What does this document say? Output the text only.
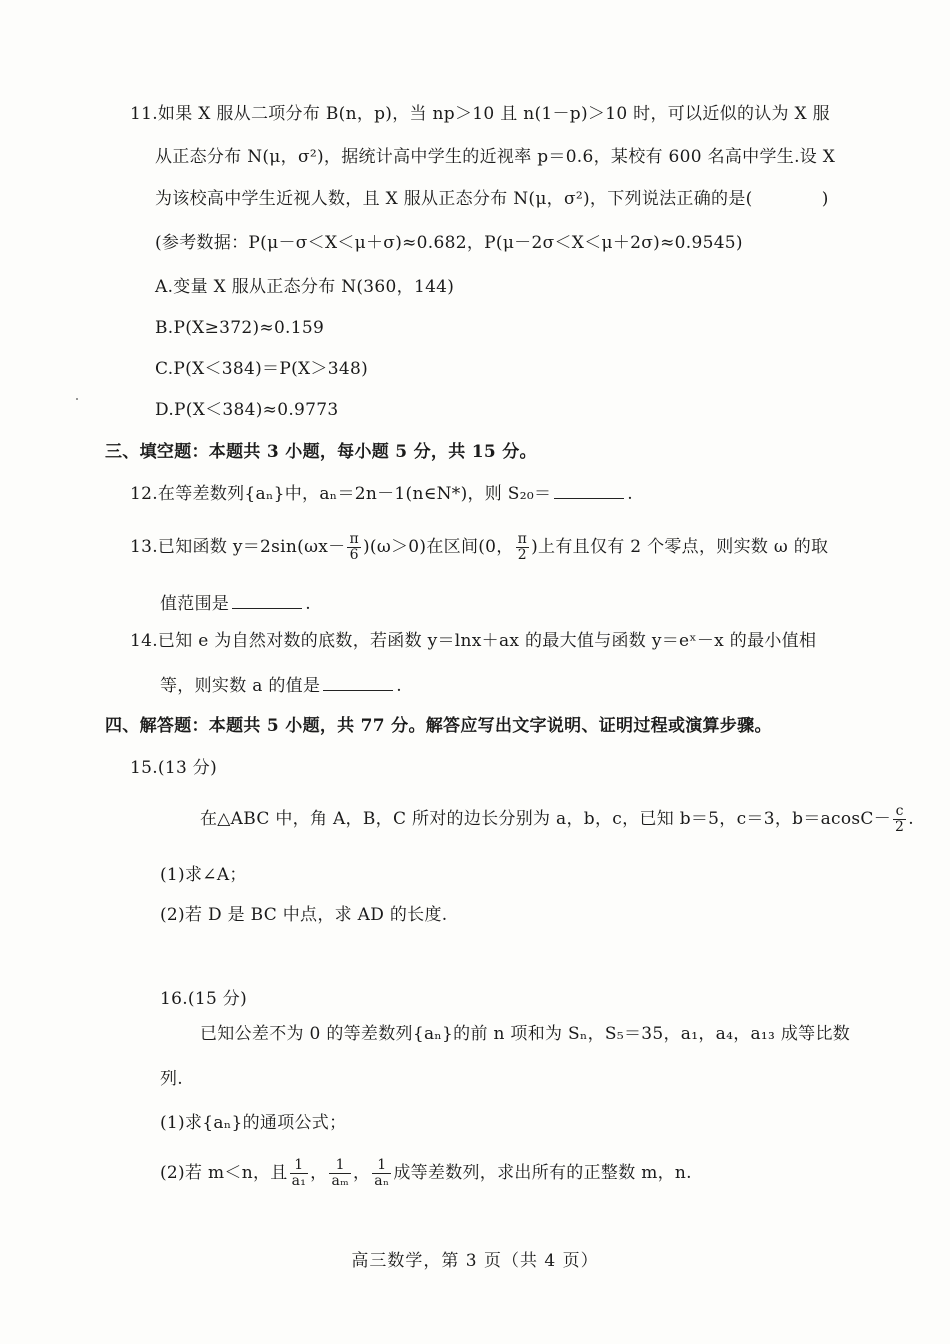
11.如果 X 服从二项分布 B(n，p)，当 np＞10 且 n(1－p)＞10 时，可以近似的认为 X 服
从正态分布 N(μ，σ²)，据统计高中学生的近视率 p＝0.6，某校有 600 名高中学生.设 X
为该校高中学生近视人数，且 X 服从正态分布 N(μ，σ²)，下列说法正确的是(　　　　)
(参考数据：P(μ－σ＜X＜μ＋σ)≈0.682，P(μ－2σ＜X＜μ＋2σ)≈0.9545)
A.变量 X 服从正态分布 N(360，144)
B.P(X≥372)≈0.159
C.P(X＜384)＝P(X＞348)
D.P(X＜384)≈0.9773
三、填空题：本题共 3 小题，每小题 5 分，共 15 分。
12.在等差数列{aₙ}中，aₙ＝2n－1(n∈N*)，则 S₂₀＝	.
13.已知函数 $y=2\sin(\omega x- \frac{\pi}{6} )(\omega>0)$在区间(0， $\frac{\pi}{2}$ )上有且仅有 2 个零点，则实数 ω 的取
值范围是	.
14.已知 e 为自然对数的底数，若函数 y＝lnx＋ax 的最大值与函数 y＝eˣ－x 的最小值相
等，则实数 a 的值是	.
四、解答题：本题共 5 小题，共 77 分。解答应写出文字说明、证明过程或演算步骤。
15.(13 分)
在△ABC 中，角 A，B，C 所对的边长分别为 a，b，c，已知 b＝5，c＝3，$b=acosC- \frac{c}{2}$ .
(1)求∠A；
(2)若 D 是 BC 中点，求 AD 的长度.
16.(15 分)
已知公差不为 0 的等差数列{aₙ}的前 n 项和为 Sₙ，S₅＝35，a₁，a₄，a₁₃ 成等比数
列.
(1)求{aₙ}的通项公式；
(2)若 m＜n，且 $\frac{1}{\text{a₁}}$ ， $\frac{1}{\text{aₘ}}$ ， $\frac{1}{\text{aₙ}}$ 成等差数列，求出所有的正整数 m，n.
高三数学，第 3 页（共 4 页）
